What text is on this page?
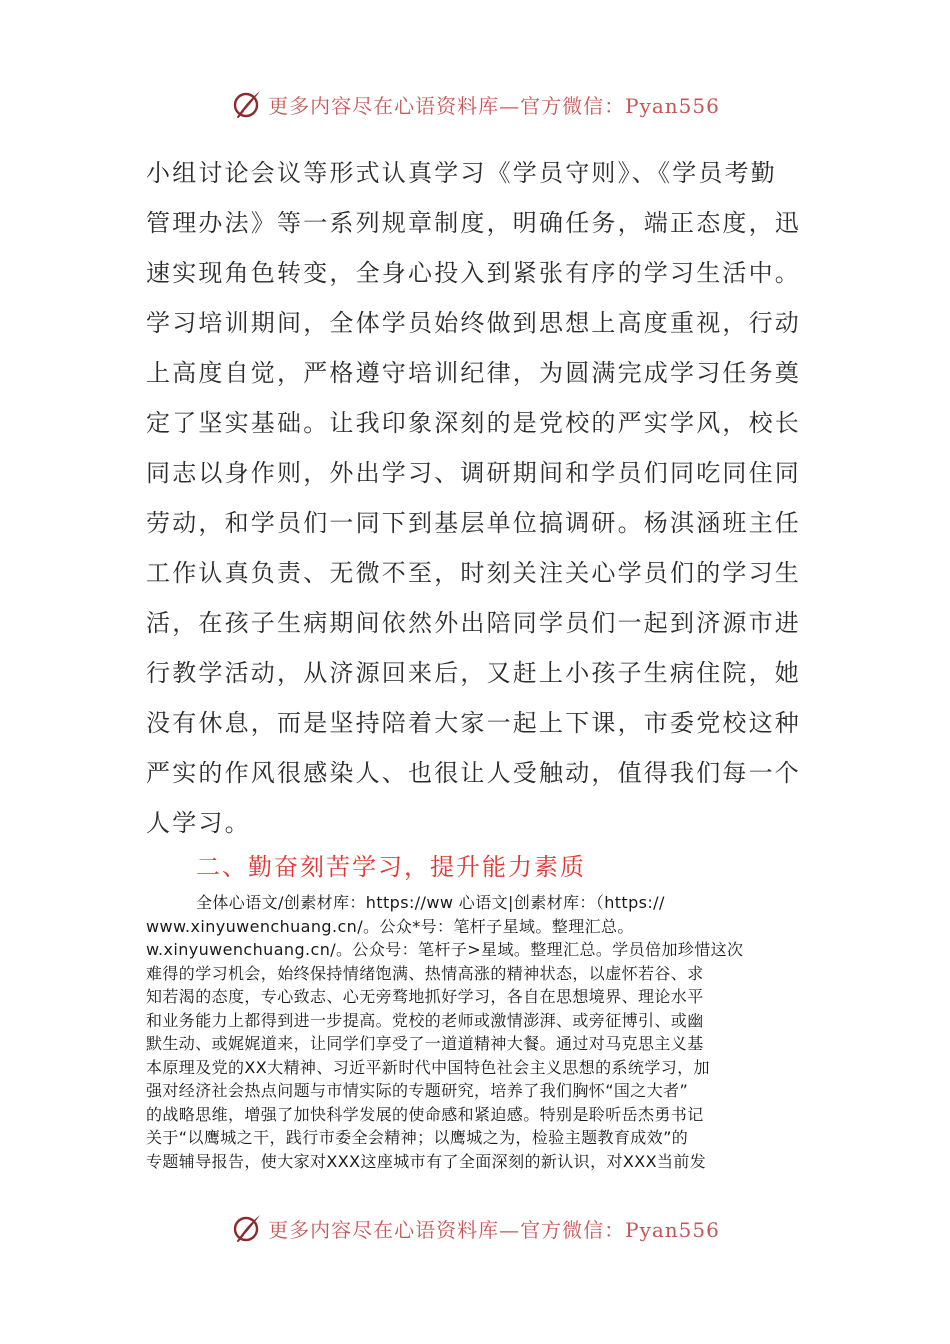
更多内容尽在心语资料库—官方微信：Pyan556
小组讨论会议等形式认真学习《学员守则》、《学员考勤
管理办法》等一系列规章制度，明确任务，端正态度，迅
速实现角色转变，全身心投入到紧张有序的学习生活中。
学习培训期间，全体学员始终做到思想上高度重视，行动
上高度自觉，严格遵守培训纪律，为圆满完成学习任务奠
定了坚实基础。让我印象深刻的是党校的严实学风，校长
同志以身作则，外出学习、调研期间和学员们同吃同住同
劳动，和学员们一同下到基层单位搞调研。杨淇涵班主任
工作认真负责、无微不至，时刻关注关心学员们的学习生
活，在孩子生病期间依然外出陪同学员们一起到济源市进
行教学活动，从济源回来后，又赶上小孩子生病住院，她
没有休息，而是坚持陪着大家一起上下课，市委党校这种
严实的作风很感染人、也很让人受触动，值得我们每一个
人学习。
二、勤奋刻苦学习，提升能力素质
全体心语文/创素材库：https://ww 心语文|创素材库：（https://
www.xinyuwenchuang.cn/。公众*号：笔杆子星域。整理汇总。
w.xinyuwenchuang.cn/。公众号：笔杆子>星域。整理汇总。学员倍加珍惜这次
难得的学习机会，始终保持情绪饱满、热情高涨的精神状态，以虚怀若谷、求
知若渴的态度，专心致志、心无旁骛地抓好学习，各自在思想境界、理论水平
和业务能力上都得到进一步提高。党校的老师或激情澎湃、或旁征博引、或幽
默生动、或娓娓道来，让同学们享受了一道道精神大餐。通过对马克思主义基
本原理及党的XX大精神、习近平新时代中国特色社会主义思想的系统学习，加
强对经济社会热点问题与市情实际的专题研究，培养了我们胸怀“国之大者”
的战略思维，增强了加快科学发展的使命感和紧迫感。特别是聆听岳杰勇书记
关于“以鹰城之干，践行市委全会精神；以鹰城之为，检验主题教育成效”的
专题辅导报告，使大家对XXX这座城市有了全面深刻的新认识，对XXX当前发
更多内容尽在心语资料库—官方微信：Pyan556
